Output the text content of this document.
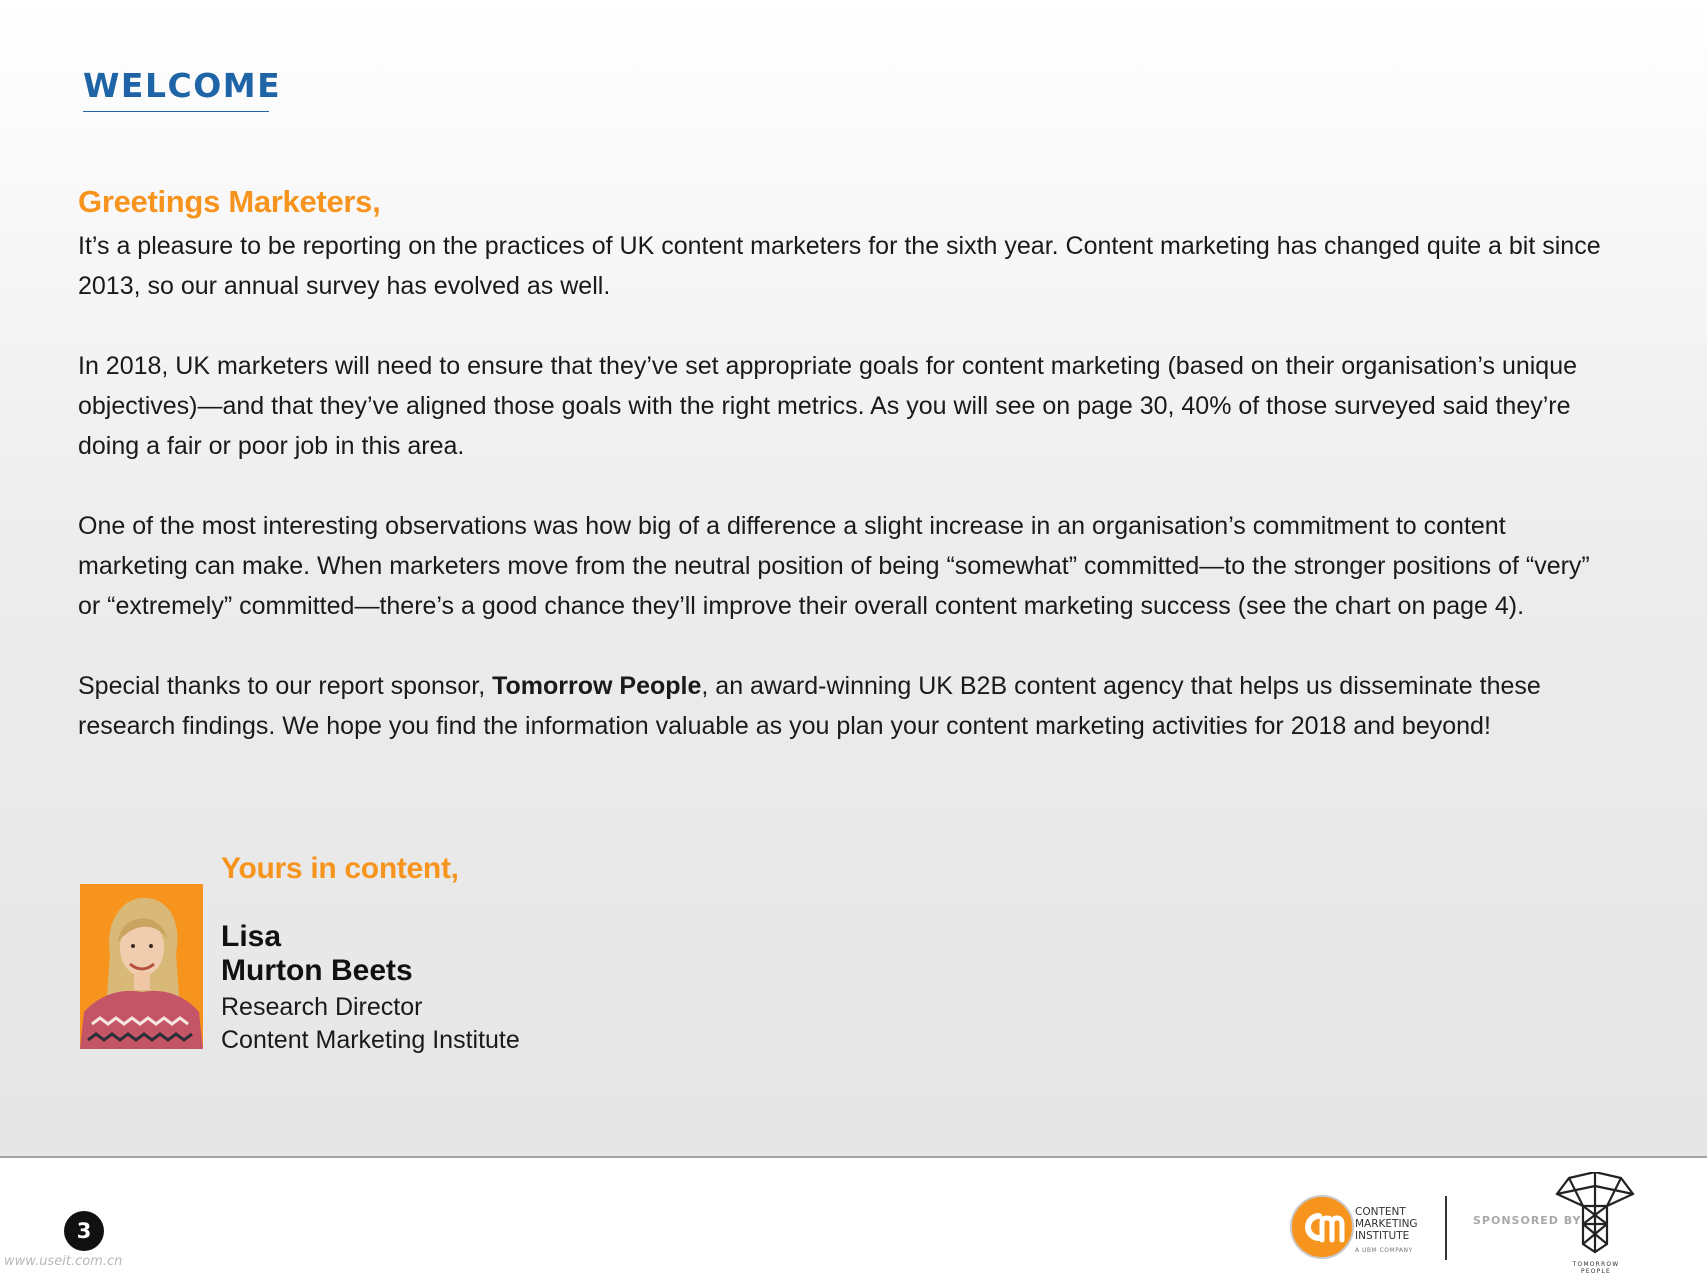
WELCOME
Greetings Marketers,

It’s a pleasure to be reporting on the practices of UK content marketers for the sixth year. Content marketing has changed quite a bit since 2013, so our annual survey has evolved as well.

In 2018, UK marketers will need to ensure that they’ve set appropriate goals for content marketing (based on their organisation’s unique objectives)—and that they’ve aligned those goals with the right metrics. As you will see on page 30, 40% of those surveyed said they’re doing a fair or poor job in this area.

One of the most interesting observations was how big of a difference a slight increase in an organisation’s commitment to content marketing can make. When marketers move from the neutral position of being “somewhat” committed—to the stronger positions of “very” or “extremely” committed—there’s a good chance they’ll improve their overall content marketing success (see the chart on page 4).

Special thanks to our report sponsor, Tomorrow People, an award-winning UK B2B content agency that helps us disseminate these research findings. We hope you find the information valuable as you plan your content marketing activities for 2018 and beyond!

Yours in content,
Lisa
Murton Beets
Research Director
Content Marketing Institute
3
CONTENT
MARKETING
INSTITUTE
A UBM COMPANY
SPONSORED BY
TOMORROW PEOPLE
www.useit.com.cn
